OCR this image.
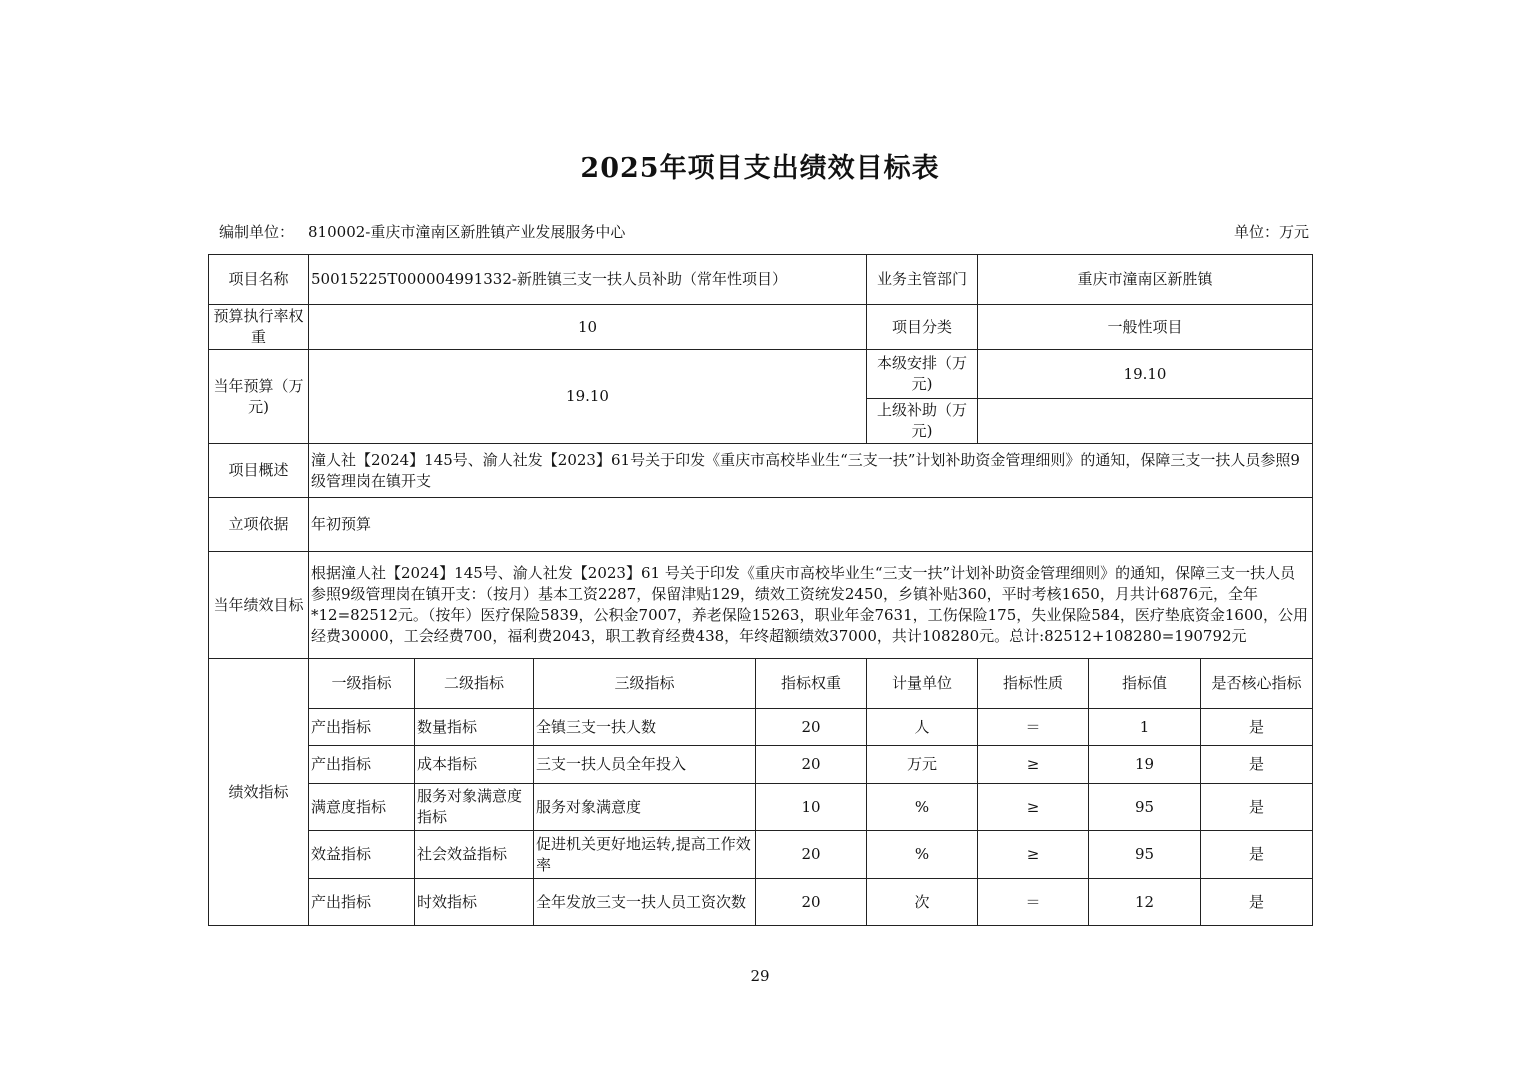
2025年项目支出绩效目标表
编制单位： 810002-重庆市潼南区新胜镇产业发展服务中心	单位：万元
项目名称	50015225T000004991332-新胜镇三支一扶人员补助（常年性项目）				业务主管部门	重庆市潼南区新胜镇		
预算执行率权重	10				项目分类	一般性项目		
当年预算（万元)	19.10				本级安排（万元)	19.10		
					上级补助（万元)			
项目概述	潼人社【2024】145号、渝人社发【2023】61号关于印发《重庆市高校毕业生“三支一扶”计划补助资金管理细则》的通知，保障三支一扶人员参照9级管理岗在镇开支							
立项依据	年初预算							
当年绩效目标	根据潼人社【2024】145号、渝人社发【2023】61 号关于印发《重庆市高校毕业生“三支一扶”计划补助资金管理细则》的通知，保障三支一扶人员参照9级管理岗在镇开支：（按月）基本工资2287，保留津贴129，绩效工资统发2450，乡镇补贴360，平时考核1650，月共计6876元，全年*12=82512元。（按年）医疗保险5839，公积金7007，养老保险15263，职业年金7631，工伤保险175，失业保险584，医疗垫底资金1600，公用经费30000，工会经费700，福利费2043，职工教育经费438，年终超额绩效37000，共计108280元。总计:82512+108280=190792元							
绩效指标	一级指标	二级指标	三级指标	指标权重	计量单位	指标性质	指标值	是否核心指标
	产出指标	数量指标	全镇三支一扶人数	20	人	＝	1	是
	产出指标	成本指标	三支一扶人员全年投入	20	万元	≥	19	是
	满意度指标	服务对象满意度指标	服务对象满意度	10	%	≥	95	是
	效益指标	社会效益指标	促进机关更好地运转,提高工作效率	20	%	≥	95	是
	产出指标	时效指标	全年发放三支一扶人员工资次数	20	次	＝	12	是
29
